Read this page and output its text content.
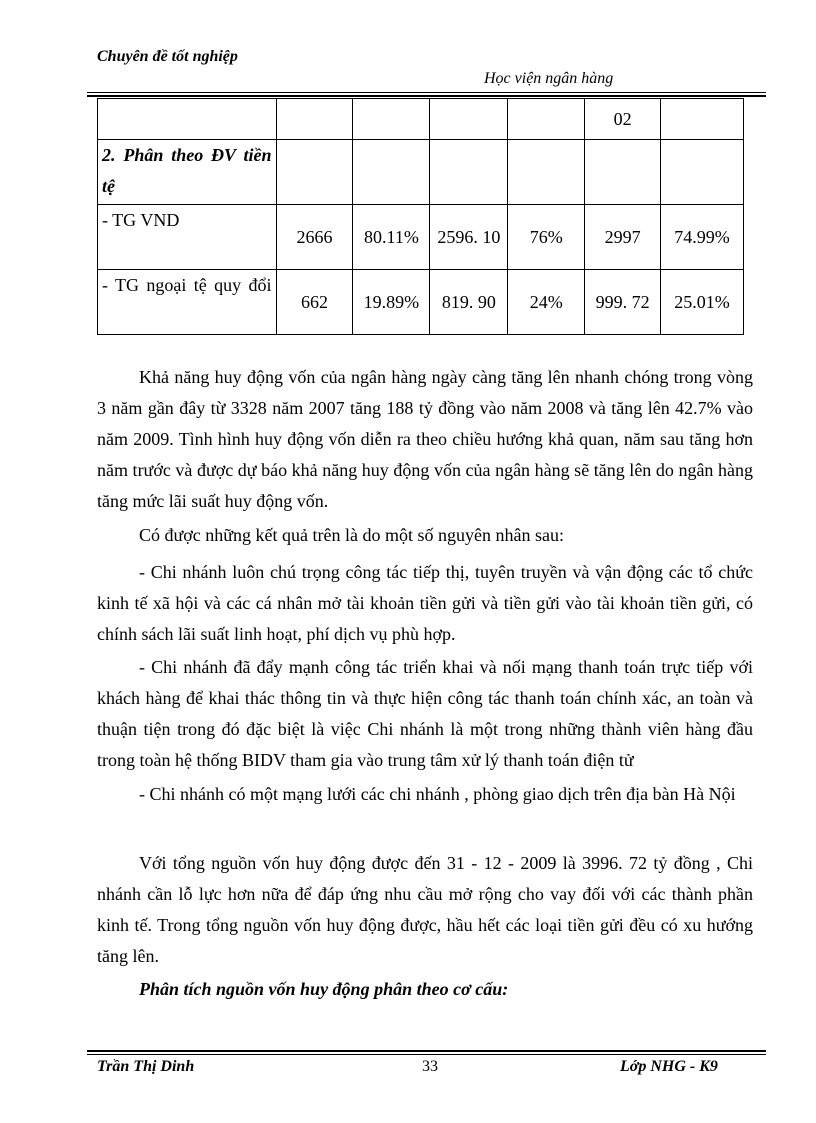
Chuyên đề tốt nghiệp
Học viện ngân hàng
					02	
2. Phân theo ĐV tiền tệ						
- TG VND	2666	80.11%	2596. 10	76%	2997	74.99%
- TG ngoại tệ quy đổi	662	19.89%	819. 90	24%	999. 72	25.01%

Khả năng huy động vốn của ngân hàng ngày càng tăng lên nhanh chóng trong vòng 3 năm gần đây từ 3328 năm 2007 tăng 188 tỷ đồng vào năm 2008 và tăng lên 42.7% vào năm 2009. Tình hình huy động vốn diễn ra theo chiều hướng khả quan, năm sau tăng hơn năm trước và được dự báo khả năng huy động vốn của ngân hàng sẽ tăng lên do ngân hàng tăng mức lãi suất huy động vốn.

Có được những kết quả trên là do một số nguyên nhân sau:

- Chi nhánh luôn chú trọng công tác tiếp thị, tuyên truyền và vận động các tổ chức kinh tế xã hội và các cá nhân mở tài khoản tiền gửi và tiền gửi vào tài khoản tiền gửi, có chính sách lãi suất linh hoạt, phí dịch vụ phù hợp.

- Chi nhánh đã đẩy mạnh công tác triển khai và nối mạng thanh toán trực tiếp với khách hàng để khai thác thông tin và thực hiện công tác thanh toán chính xác, an toàn và thuận tiện trong đó đặc biệt là việc Chi nhánh là một trong những thành viên hàng đầu trong toàn hệ thống BIDV tham gia vào trung tâm xử lý thanh toán điện tử

- Chi nhánh có một mạng lưới các chi nhánh , phòng giao dịch trên địa bàn Hà Nội

Với tổng nguồn vốn huy động được đến 31 - 12 - 2009 là 3996. 72 tỷ đồng , Chi nhánh cần lỗ lực hơn nữa để đáp ứng nhu cầu mở rộng cho vay đối với các thành phần kinh tế. Trong tổng nguồn vốn huy động được, hầu hết các loại tiền gửi đều có xu hướng tăng lên.

Phân tích nguồn vốn huy động phân theo cơ cấu:

Trần Thị Dinh	33	Lớp NHG - K9
